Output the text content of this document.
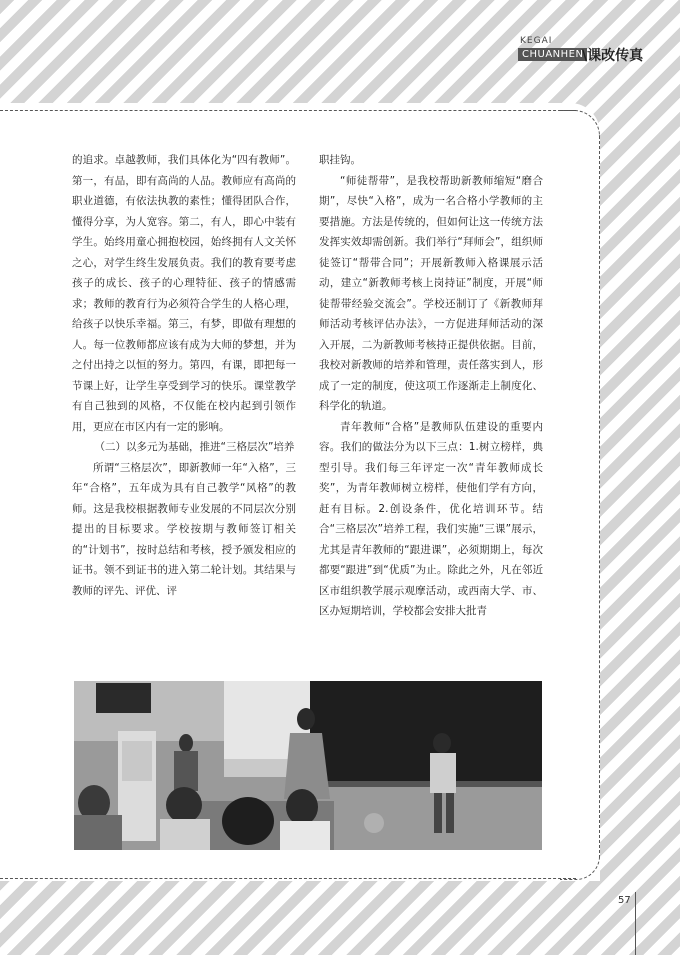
KEGAI
CHUANHEN
\课改传真

的追求。卓越教师，我们具体化为“四有教师”。第一，有品，即有高尚的人品。教师应有高尚的职业道德，有依法执教的素性；懂得团队合作，懂得分享，为人宽容。第二，有人，即心中装有学生。始终用童心拥抱校园，始终拥有人文关怀之心，对学生终生发展负责。我们的教育要考虑孩子的成长、孩子的心理特征、孩子的情感需求；教师的教育行为必须符合学生的人格心理，给孩子以快乐幸福。第三，有梦，即做有理想的人。每一位教师都应该有成为大师的梦想，并为之付出持之以恒的努力。第四，有课，即把每一节课上好，让学生享受到学习的快乐。课堂教学有自己独到的风格，不仅能在校内起到引领作用，更应在市区内有一定的影响。

（二）以多元为基础，推进“三格层次”培养

所谓“三格层次”，即新教师一年“入格”，三年“合格”，五年成为具有自己教学“风格”的教师。这是我校根据教师专业发展的不同层次分别提出的目标要求。学校按期与教师签订相关的“计划书”，按时总结和考核，授予颁发相应的证书。领不到证书的进入第二轮计划。其结果与教师的评先、评优、评

职挂钩。

“师徒帮带”，是我校帮助新教师缩短“磨合期”，尽快“入格”，成为一名合格小学教师的主要措施。方法是传统的，但如何让这一传统方法发挥实效却需创新。我们举行“拜师会”，组织师徒签订“帮带合同”；开展新教师入格课展示活动，建立“新教师考核上岗持证”制度，开展“师徒帮带经验交流会”。学校还制订了《新教师拜师活动考核评估办法》，一方促进拜师活动的深入开展，二为新教师考核持正提供依据。目前，我校对新教师的培养和管理，责任落实到人，形成了一定的制度，使这项工作逐渐走上制度化、科学化的轨道。

青年教师“合格”是教师队伍建设的重要内容。我们的做法分为以下三点：1.树立榜样，典型引导。我们每三年评定一次“青年教师成长奖”，为青年教师树立榜样，使他们学有方向，赶有目标。2.创设条件，优化培训环节。结合“三格层次”培养工程，我们实施“三课”展示，尤其是青年教师的“跟进课”，必须期期上，每次都要“跟进”到“优质”为止。除此之外，凡在邻近区市组织教学展示观摩活动，或西南大学、市、区办短期培训，学校都会安排大批青

57
